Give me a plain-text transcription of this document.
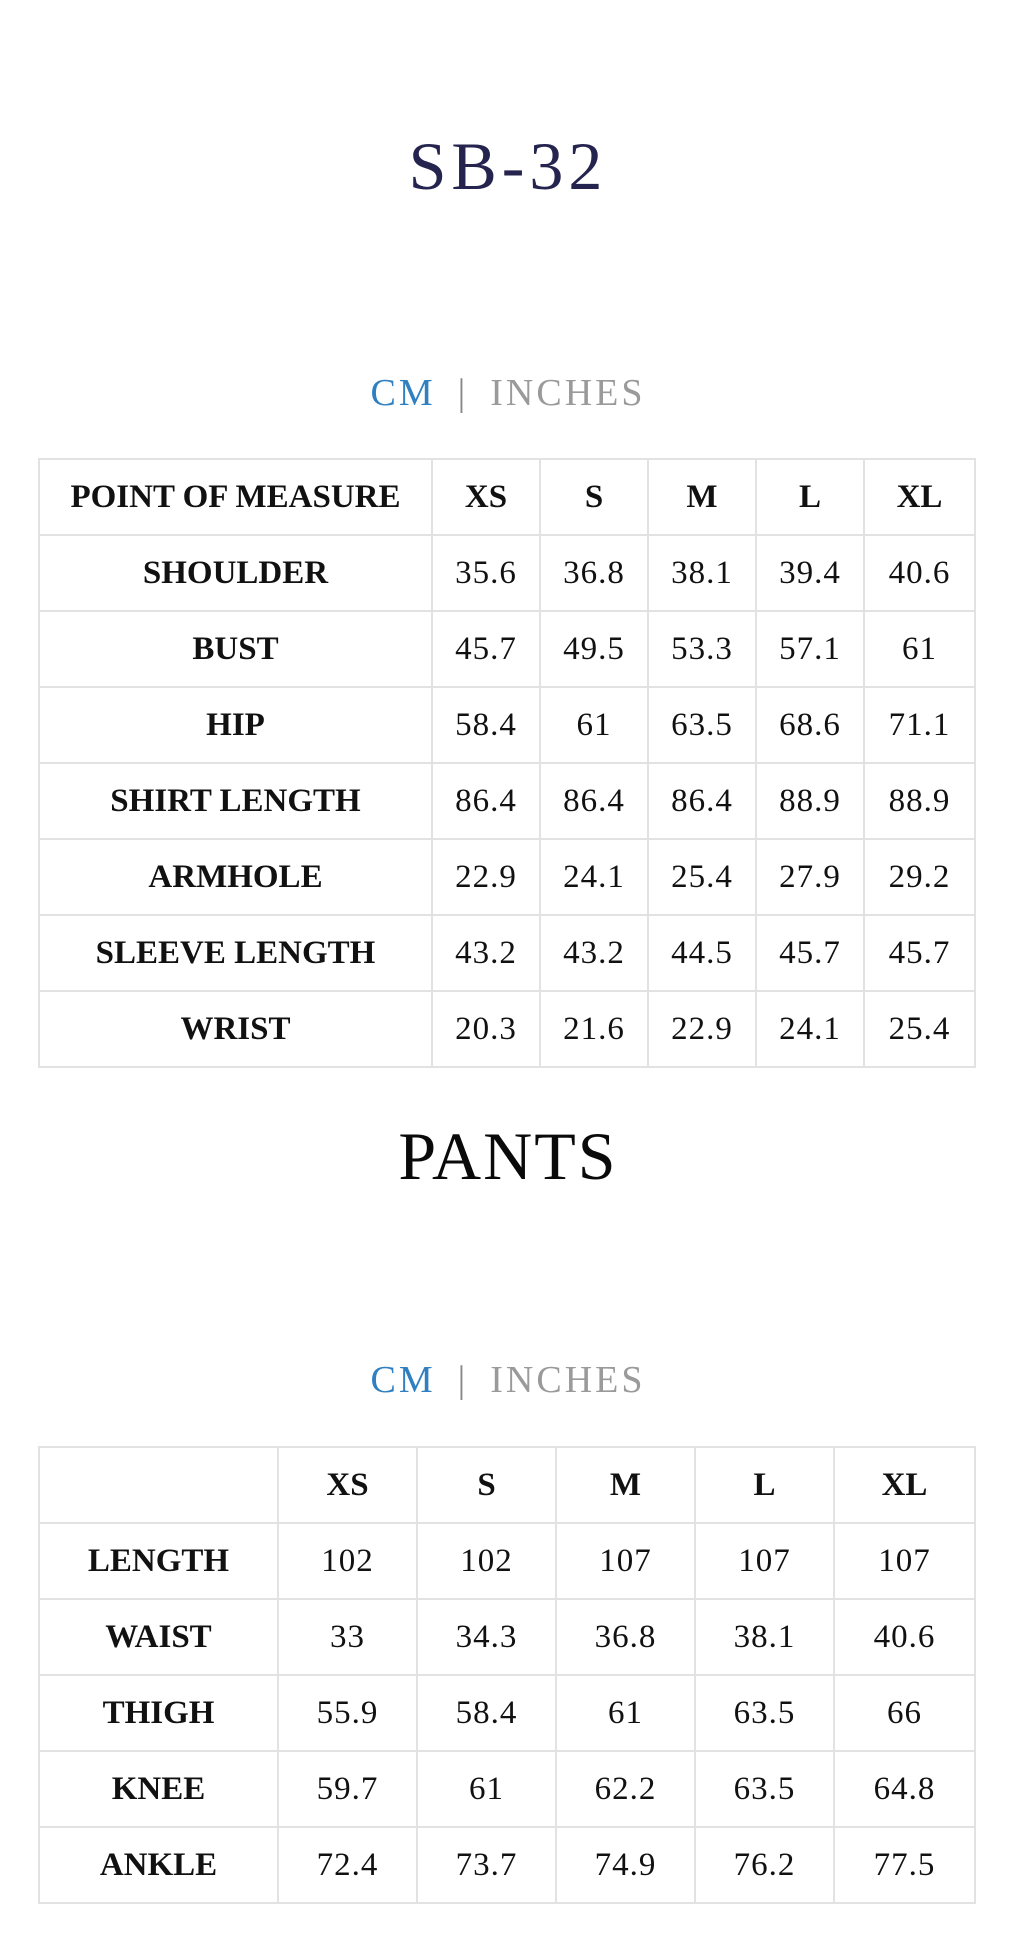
SB-32
CM | INCHES
POINT OF MEASURE	XS	S	M	L	XL
SHOULDER	35.6	36.8	38.1	39.4	40.6
BUST	45.7	49.5	53.3	57.1	61
HIP	58.4	61	63.5	68.6	71.1
SHIRT LENGTH	86.4	86.4	86.4	88.9	88.9
ARMHOLE	22.9	24.1	25.4	27.9	29.2
SLEEVE LENGTH	43.2	43.2	44.5	45.7	45.7
WRIST	20.3	21.6	22.9	24.1	25.4
PANTS
CM | INCHES
	XS	S	M	L	XL
LENGTH	102	102	107	107	107
WAIST	33	34.3	36.8	38.1	40.6
THIGH	55.9	58.4	61	63.5	66
KNEE	59.7	61	62.2	63.5	64.8
ANKLE	72.4	73.7	74.9	76.2	77.5
